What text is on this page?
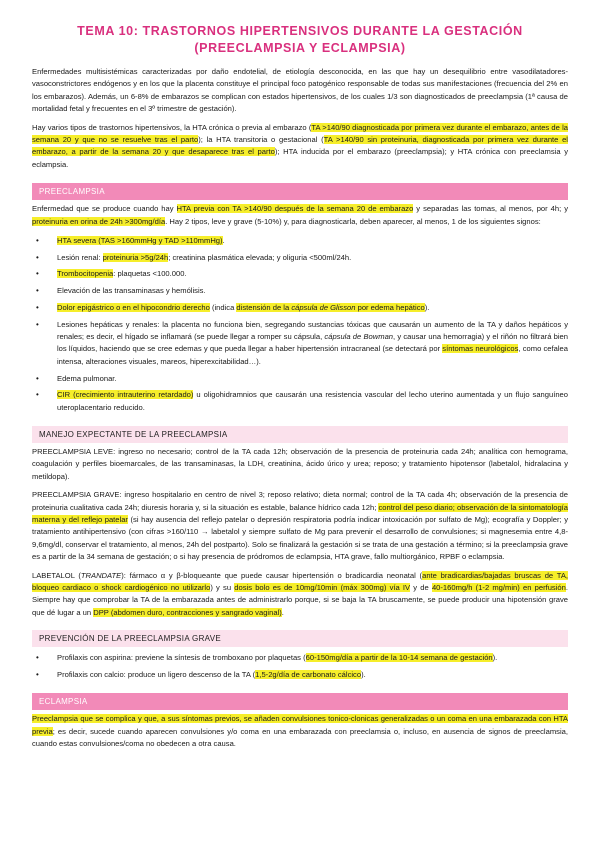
TEMA 10: TRASTORNOS HIPERTENSIVOS DURANTE LA GESTACIÓN
(PREECLAMPSIA Y ECLAMPSIA)

Enfermedades multisistémicas caracterizadas por daño endotelial, de etiología desconocida, en las que hay un desequilibrio entre vasodilatadores-vasoconstrictores endógenos y en los que la placenta constituye el principal foco patogénico responsable de todas sus manifestaciones (frecuencia del 2% en los embarazos). Además, un 6-8% de embarazos se complican con estados hipertensivos, de los cuales 1/3 son diagnosticados de preeclampsia (1ª causa de mortalidad fetal y frecuentes en el 3º trimestre de gestación).

Hay varios tipos de trastornos hipertensivos, la HTA crónica o previa al embarazo (TA >140/90 diagnosticada por primera vez durante el embarazo, antes de la semana 20 y que no se resuelve tras el parto); la HTA transitoria o gestacional (TA >140/90 sin proteinuria, diagnosticada por primera vez durante el embarazo, a partir de la semana 20 y que desaparece tras el parto); HTA inducida por el embarazo (preeclampsia); y HTA crónica con preeclamsia y eclampsia.

PREECLAMPSIA

Enfermedad que se produce cuando hay HTA previa con TA >140/90 después de la semana 20 de embarazo y separadas las tomas, al menos, por 4h; y proteinuria en orina de 24h >300mg/día. Hay 2 tipos, leve y grave (5-10%) y, para diagnosticarla, deben aparecer, al menos, 1 de los siguientes signos:

• HTA severa (TAS >160mmHg y TAD >110mmHg).
• Lesión renal: proteinuria >5g/24h; creatinina plasmática elevada; y oliguria <500ml/24h.
• Trombocitopenia: plaquetas <100.000.
• Elevación de las transaminasas y hemólisis.
• Dolor epigástrico o en el hipocondrio derecho (indica distensión de la cápsula de Glisson por edema hepático).
• Lesiones hepáticas y renales: la placenta no funciona bien, segregando sustancias tóxicas que causarán un aumento de la TA y daños hepáticos y renales; es decir, el hígado se inflamará (se puede llegar a romper su cápsula, cápsula de Bowman, y causar una hemorragia) y el riñón no filtrará bien los líquidos, haciendo que se cree edemas y que pueda llegar a haber hipertensión intracraneal (se detectará por síntomas neurológicos, como cefalea intensa, alteraciones visuales, mareos, hiperexcitabilidad…).
• Edema pulmonar.
• CIR (crecimiento intrauterino retardado) u oligohidramnios que causarán una resistencia vascular del lecho uterino aumentada y un flujo sanguíneo uteroplacentario reducido.
MANEJO EXPECTANTE DE LA PREECLAMPSIA

PREECLAMPSIA LEVE: ingreso no necesario; control de la TA cada 12h; observación de la presencia de proteinuria cada 24h; analítica con hemograma, coagulación y perfiles bioemarcales, de las transaminasas, la LDH, creatinina, ácido úrico y urea; reposo; y tratamiento hipotensor (labetalol, hidralacina y metildopa).

PREECLAMPSIA GRAVE: ingreso hospitalario en centro de nivel 3; reposo relativo; dieta normal; control de la TA cada 4h; observación de la presencia de proteinuria cualitativa cada 24h; diuresis horaria y, si la situación es estable, balance hídrico cada 12h; control del peso diario; observación de la sintomatología materna y del reflejo patelar (si hay ausencia del reflejo patelar o depresión respiratoria podría indicar intoxicación por sulfato de Mg); ecografía y Doppler; y tratamiento antihipertensivo (con cifras >160/110 → labetalol y siempre sulfato de Mg para prevenir el desarrollo de convulsiones; si magnesemia entre 4,8-9,6mg/dl, conservar el tratamiento, al menos, 24h del postparto). Solo se finalizará la gestación si se trata de una gestación a término; si la preeclampsia grave es a partir de la 34 semana de gestación; o si hay presencia de pródromos de eclampsia, HTA grave, fallo multiorgánico, RPBF o eclampsia.

LABETALOL (TRANDATE): fármaco α y β-bloqueante que puede causar hipertensión o bradicardia neonatal (ante bradicardias/bajadas bruscas de TA, bloqueo cardiaco o shock cardiogénico no utilizarlo) y su dosis bolo es de 10mg/10min (máx 300mg) vía IV y de 40-160mg/h (1-2 mg/min) en perfusión. Siempre hay que comprobar la TA de la embarazada antes de administrarlo porque, si se baja la TA bruscamente, se puede producir una hipotensión grave que dé lugar a un DPP (abdomen duro, contracciones y sangrado vaginal).

PREVENCIÓN DE LA PREECLAMPSIA GRAVE
• Profilaxis con aspirina: previene la síntesis de tromboxano por plaquetas (60-150mg/día a partir de la 10-14 semana de gestación).
• Profilaxis con calcio: produce un ligero descenso de la TA (1,5-2g/día de carbonato cálcico).
ECLAMPSIA

Preeclampsia que se complica y que, a sus síntomas previos, se añaden convulsiones tonico-clonicas generalizadas o un coma en una embarazada con HTA previa; es decir, sucede cuando aparecen convulsiones y/o coma en una embarazada con preeclamsia o, incluso, en ausencia de signos de preeclamsia, cuando estas convulsiones/coma no obedecen a otra causa.
